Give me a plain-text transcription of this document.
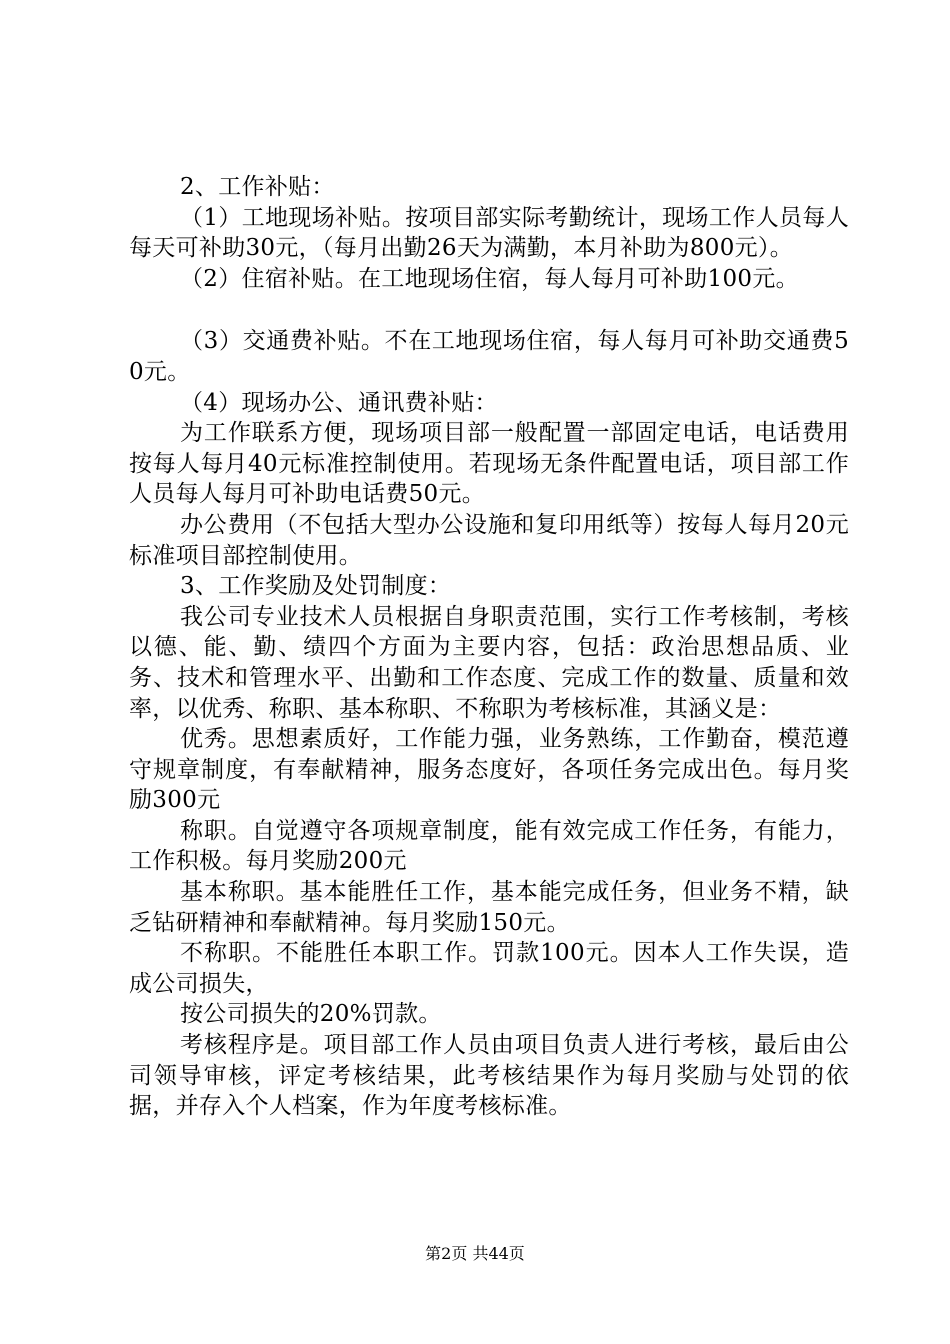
2、工作补贴：

（1）工地现场补贴。按项目部实际考勤统计，现场工作人员每人每天可补助30元，（每月出勤26天为满勤，本月补助为800元）。

（2）住宿补贴。在工地现场住宿，每人每月可补助100元。

（3）交通费补贴。不在工地现场住宿，每人每月可补助交通费50元。

（4）现场办公、通讯费补贴：

为工作联系方便，现场项目部一般配置一部固定电话，电话费用按每人每月40元标准控制使用。若现场无条件配置电话，项目部工作人员每人每月可补助电话费50元。

办公费用（不包括大型办公设施和复印用纸等）按每人每月20元标准项目部控制使用。

3、工作奖励及处罚制度：

我公司专业技术人员根据自身职责范围，实行工作考核制，考核以德、能、勤、绩四个方面为主要内容，包括：政治思想品质、业务、技术和管理水平、出勤和工作态度、完成工作的数量、质量和效率，以优秀、称职、基本称职、不称职为考核标准，其涵义是：

优秀。思想素质好，工作能力强，业务熟练，工作勤奋，模范遵守规章制度，有奉献精神，服务态度好，各项任务完成出色。每月奖励300元

称职。自觉遵守各项规章制度，能有效完成工作任务，有能力，工作积极。每月奖励200元

基本称职。基本能胜任工作，基本能完成任务，但业务不精，缺乏钻研精神和奉献精神。每月奖励150元。

不称职。不能胜任本职工作。罚款100元。因本人工作失误，造成公司损失，

按公司损失的20%罚款。

考核程序是。项目部工作人员由项目负责人进行考核，最后由公司领导审核，评定考核结果，此考核结果作为每月奖励与处罚的依据，并存入个人档案，作为年度考核标准。

第2页 共44页
